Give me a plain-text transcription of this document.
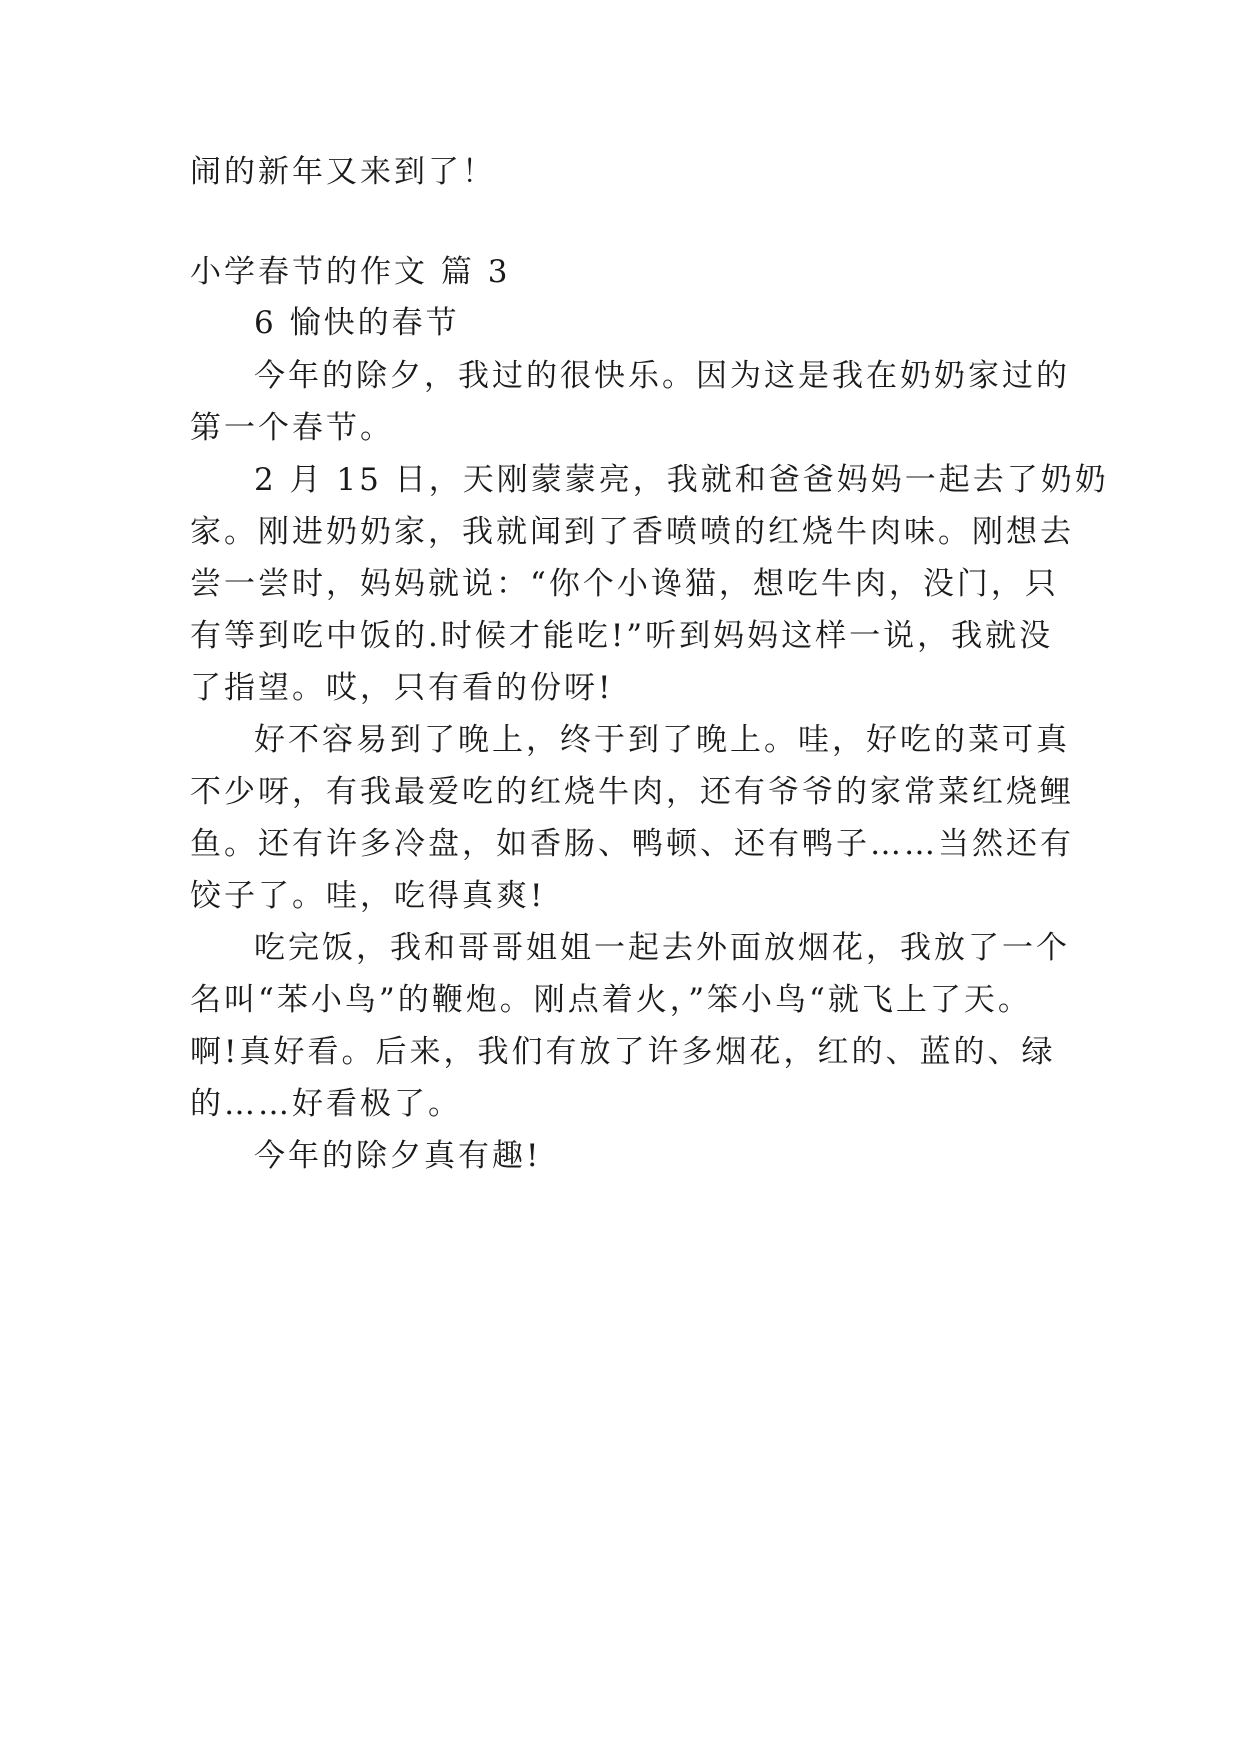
闹的新年又来到了！
小学春节的作文 篇 3
6 愉快的春节
今年的除夕，我过的很快乐。因为这是我在奶奶家过的
第一个春节。
2 月 15 日，天刚蒙蒙亮，我就和爸爸妈妈一起去了奶奶
家。刚进奶奶家，我就闻到了香喷喷的红烧牛肉味。刚想去
尝一尝时，妈妈就说：“你个小谗猫，想吃牛肉，没门，只
有等到吃中饭的.时候才能吃!”听到妈妈这样一说，我就没
了指望。哎，只有看的份呀!
好不容易到了晚上，终于到了晚上。哇，好吃的菜可真
不少呀，有我最爱吃的红烧牛肉，还有爷爷的家常菜红烧鲤
鱼。还有许多冷盘，如香肠、鸭顿、还有鸭子……当然还有
饺子了。哇，吃得真爽!
吃完饭，我和哥哥姐姐一起去外面放烟花，我放了一个
名叫“苯小鸟”的鞭炮。刚点着火，”笨小鸟“就飞上了天。
啊!真好看。后来，我们有放了许多烟花，红的、蓝的、绿
的……好看极了。
今年的除夕真有趣!
